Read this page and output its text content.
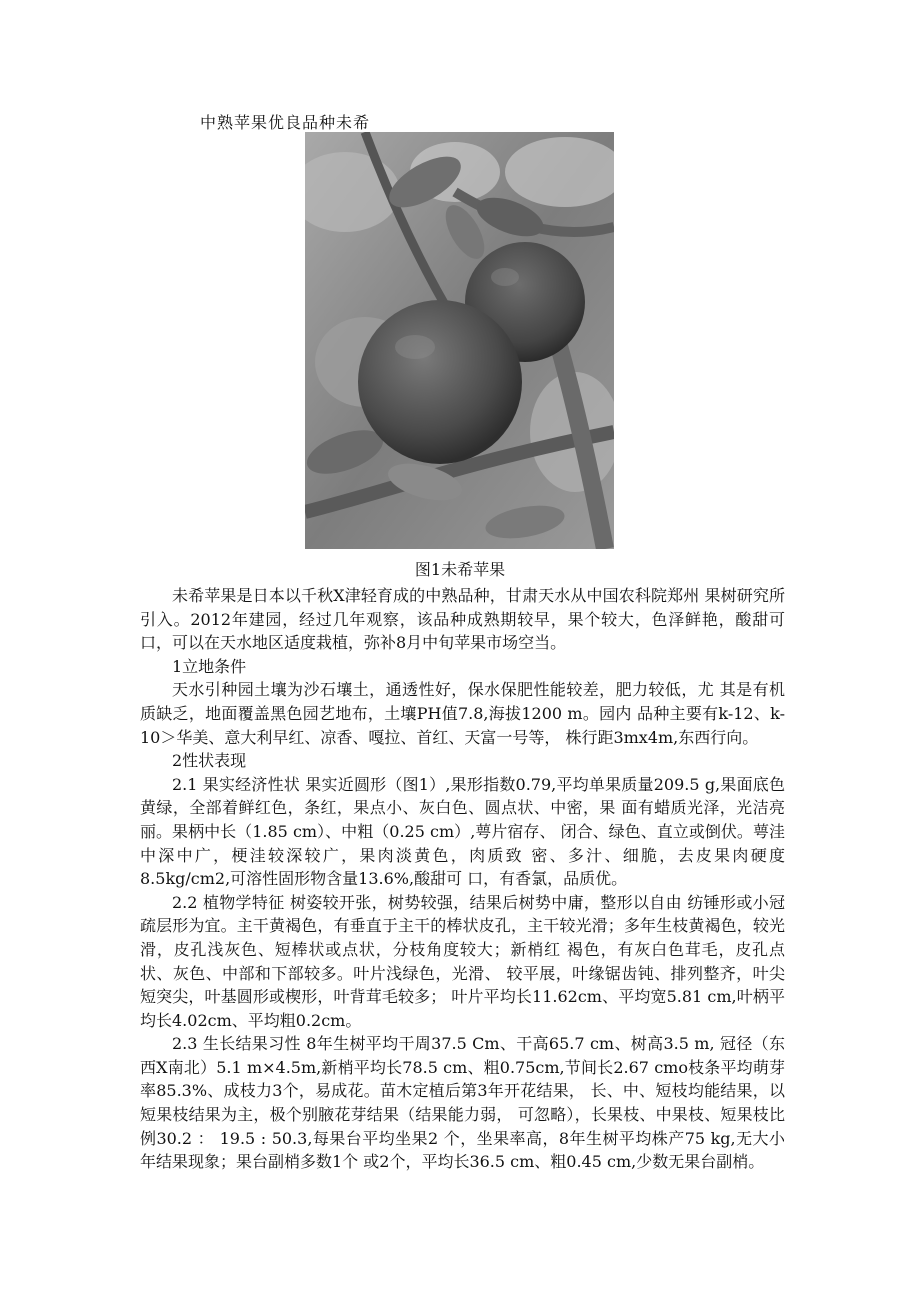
中熟苹果优良品种未希
图1未希苹果

未希苹果是日本以千秋X津轻育成的中熟品种，甘肃天水从中国农科院郑州 果树研究所引入。2012年建园，经过几年观察，该品种成熟期较早，果个较大，色泽鲜艳，酸甜可口，可以在天水地区适度栽植，弥补8月中旬苹果市场空当。

1立地条件

天水引种园土壤为沙石壤土，通透性好，保水保肥性能较差，肥力较低，尤 其是有机质缺乏，地面覆盖黑色园艺地布，土壤PH值7.8,海拔1200 m。园内 品种主要有k-12、k-10＞华美、意大利早红、凉香、嘎拉、首红、天富一号等， 株行距3mx4m,东西行向。

2性状表现

2.1 果实经济性状 果实近圆形（图1）,果形指数0.79,平均单果质量209.5 g,果面底色黄绿，全部着鲜红色，条红，果点小、灰白色、圆点状、中密，果 面有蜡质光泽，光洁亮丽。果柄中长（1.85 cm）、中粗（0.25 cm）,萼片宿存、 闭合、绿色、直立或倒伏。萼洼中深中广，梗洼较深较广，果肉淡黄色，肉质致 密、多汁、细脆，去皮果肉硬度8.5kg∕cm2,可溶性固形物含量13.6%,酸甜可 口，有香氯，品质优。

2.2 植物学特征 树姿较开张，树势较强，结果后树势中庸，整形以自由 纺锤形或小冠疏层形为宜。主干黄褐色，有垂直于主干的棒状皮孔，主干较光滑；多年生枝黄褐色，较光滑，皮孔浅灰色、短棒状或点状，分枝角度较大；新梢红 褐色，有灰白色茸毛，皮孔点状、灰色、中部和下部较多。叶片浅绿色，光滑、 较平展，叶缘锯齿钝、排列整齐，叶尖短突尖，叶基圆形或楔形，叶背茸毛较多； 叶片平均长11.62cm、平均宽5.81 cm,叶柄平均长4.02cm、平均粗0.2cm。

2.3 生长结果习性 8年生树平均干周37.5 Cm、干高65.7 cm、树高3.5 m, 冠径（东西X南北）5.1 m×4.5m,新梢平均长78.5 cm、粗0.75cm,节间长2.67 cmo枝条平均萌芽率85.3%、成枝力3个，易成花。苗木定植后第3年开花结果， 长、中、短枝均能结果，以短果枝结果为主，极个别腋花芽结果（结果能力弱， 可忽略），长果枝、中果枝、短果枝比例30.2 ： 19.5 : 50.3,每果台平均坐果2 个，坐果率高，8年生树平均株产75 kg,无大小年结果现象；果台副梢多数1个 或2个，平均长36.5 cm、粗0.45 cm,少数无果台副梢。
